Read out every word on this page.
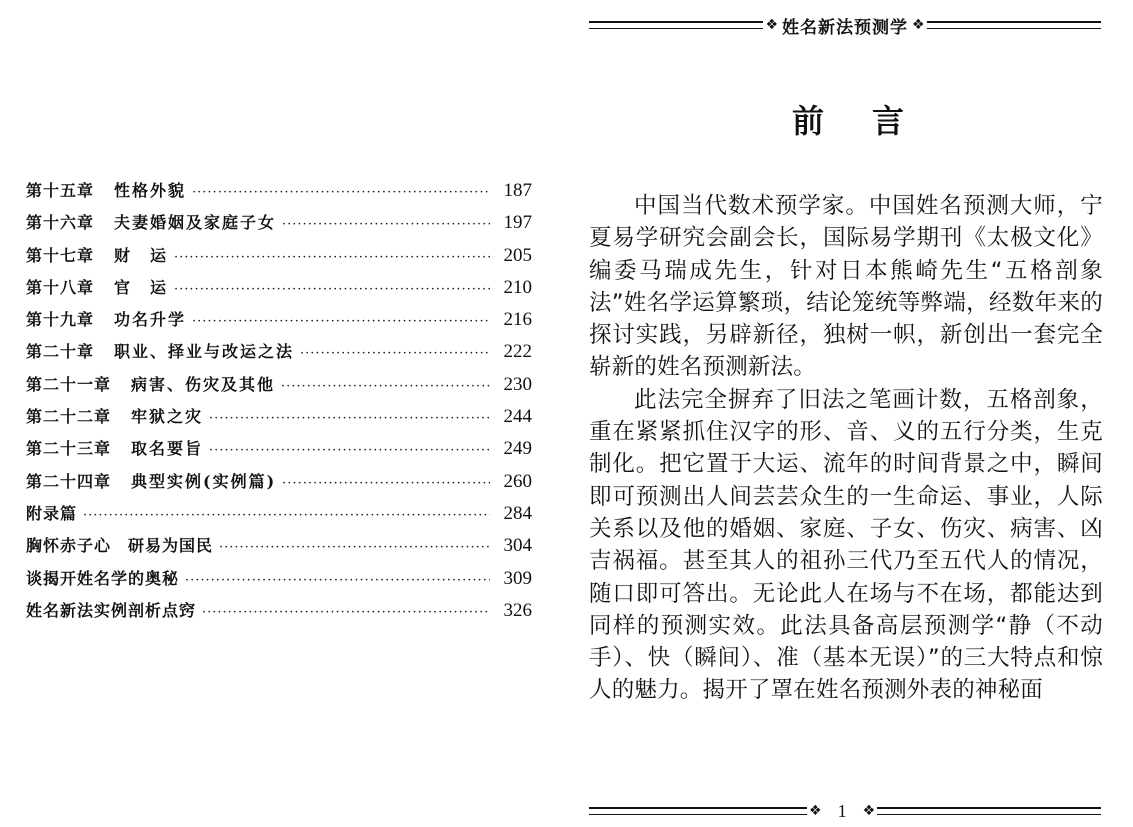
第十五章 性格外貌 ·····	187
第十六章 夫妻婚姻及家庭子女 ·····	197
第十七章 财　运 ·····	205
第十八章 官　运 ·····	210
第十九章 功名升学 ·····	216
第二十章 职业、择业与改运之法 ·····	222
第二十一章 病害、伤灾及其他 ·····	230
第二十二章 牢狱之灾 ·····	244
第二十三章 取名要旨 ·····	249
第二十四章 典型实例(实例篇) ·····	260
附录篇 ·····	284
胸怀赤子心　研易为国民 ·····	304
谈揭开姓名学的奥秘 ·····	309
姓名新法实例剖析点窍 ·····	326
❖ 姓名新法预测学 ❖
前言

中国当代数术预学家。中国姓名预测大师，宁夏易学研究会副会长，国际易学期刊《太极文化》编委马瑞成先生，针对日本熊崎先生“五格剖象法”姓名学运算繁琐，结论笼统等弊端，经数年来的探讨实践，另辟新径，独树一帜，新创出一套完全崭新的姓名预测新法。

此法完全摒弃了旧法之笔画计数，五格剖象，重在紧紧抓住汉字的形、音、义的五行分类，生克制化。把它置于大运、流年的时间背景之中，瞬间即可预测出人间芸芸众生的一生命运、事业，人际关系以及他的婚姻、家庭、子女、伤灾、病害、凶吉祸福。甚至其人的祖孙三代乃至五代人的情况，随口即可答出。无论此人在场与不在场，都能达到同样的预测实效。此法具备高层预测学“静（不动手）、快（瞬间）、准（基本无误）”的三大特点和惊人的魅力。揭开了罩在姓名预测外表的神秘面

❖ 1	❖
